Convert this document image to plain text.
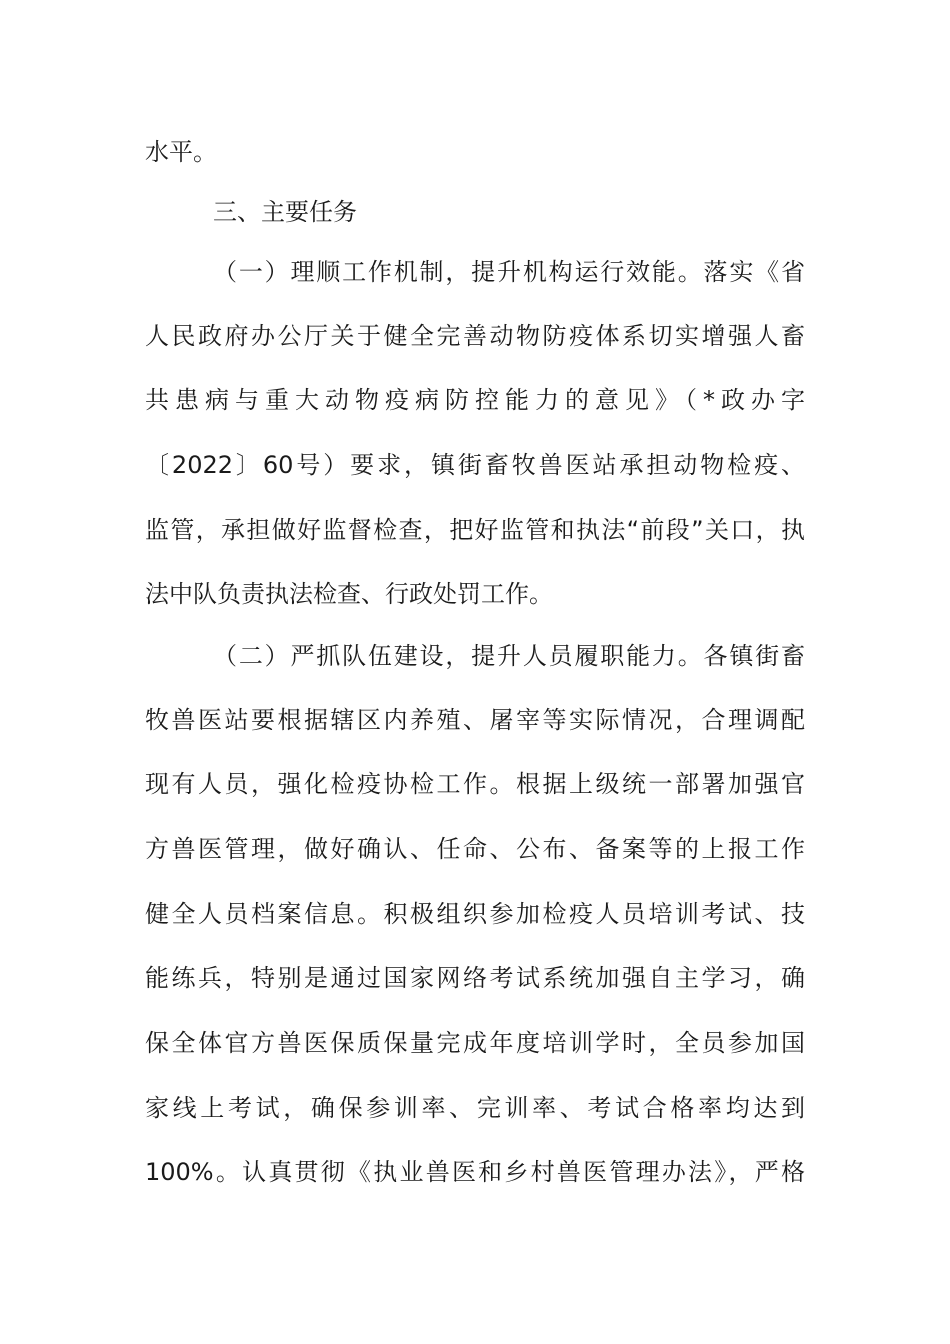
水平。
三、主要任务
（一）理顺工作机制，提升机构运行效能。落实《省
人民政府办公厅关于健全完善动物防疫体系切实增强人畜
共患病与重大动物疫病防控能力的意见》（*政办字
〔2022〕60号）要求，镇街畜牧兽医站承担动物检疫、
监管，承担做好监督检查，把好监管和执法“前段”关口，执
法中队负责执法检查、行政处罚工作。
（二）严抓队伍建设，提升人员履职能力。各镇街畜
牧兽医站要根据辖区内养殖、屠宰等实际情况，合理调配
现有人员，强化检疫协检工作。根据上级统一部署加强官
方兽医管理，做好确认、任命、公布、备案等的上报工作
健全人员档案信息。积极组织参加检疫人员培训考试、技
能练兵，特别是通过国家网络考试系统加强自主学习，确
保全体官方兽医保质保量完成年度培训学时，全员参加国
家线上考试，确保参训率、完训率、考试合格率均达到
100%。认真贯彻《执业兽医和乡村兽医管理办法》，严格
